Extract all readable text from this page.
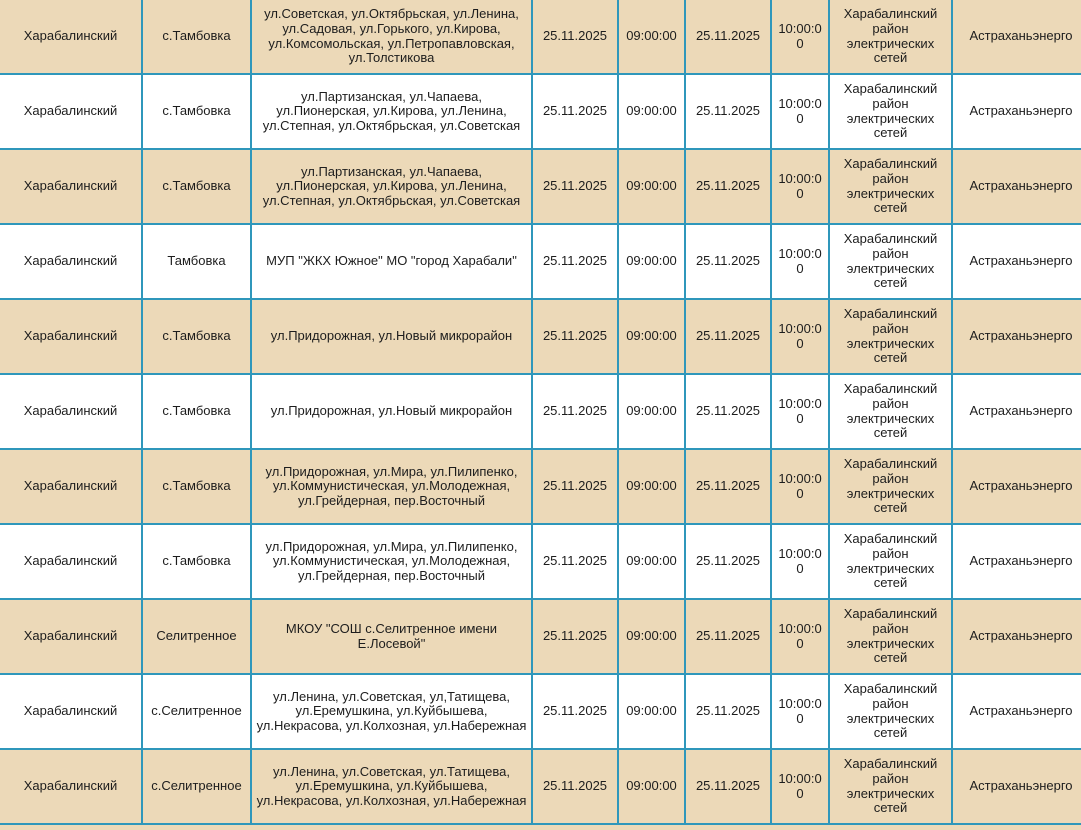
Харабалинский	с.Тамбовка	ул.Советская, ул.Октябрьская, ул.Ленина, ул.Садовая, ул.Горького, ул.Кирова, ул.Комсомольская, ул.Петропавловская, ул.Толстикова	25.11.2025	09:00:00	25.11.2025	10:00:00	Харабалинский район электрических сетей	Астраханьэнерго
Харабалинский	с.Тамбовка	ул.Партизанская, ул.Чапаева, ул.Пионерская, ул.Кирова, ул.Ленина, ул.Степная, ул.Октябрьская, ул.Советская	25.11.2025	09:00:00	25.11.2025	10:00:00	Харабалинский район электрических сетей	Астраханьэнерго
Харабалинский	с.Тамбовка	ул.Партизанская, ул.Чапаева, ул.Пионерская, ул.Кирова, ул.Ленина, ул.Степная, ул.Октябрьская, ул.Советская	25.11.2025	09:00:00	25.11.2025	10:00:00	Харабалинский район электрических сетей	Астраханьэнерго
Харабалинский	Тамбовка	МУП "ЖКХ Южное" МО "город Харабали"	25.11.2025	09:00:00	25.11.2025	10:00:00	Харабалинский район электрических сетей	Астраханьэнерго
Харабалинский	с.Тамбовка	ул.Придорожная, ул.Новый микрорайон	25.11.2025	09:00:00	25.11.2025	10:00:00	Харабалинский район электрических сетей	Астраханьэнерго
Харабалинский	с.Тамбовка	ул.Придорожная, ул.Новый микрорайон	25.11.2025	09:00:00	25.11.2025	10:00:00	Харабалинский район электрических сетей	Астраханьэнерго
Харабалинский	с.Тамбовка	ул.Придорожная, ул.Мира, ул.Пилипенко, ул.Коммунистическая, ул.Молодежная, ул.Грейдерная, пер.Восточный	25.11.2025	09:00:00	25.11.2025	10:00:00	Харабалинский район электрических сетей	Астраханьэнерго
Харабалинский	с.Тамбовка	ул.Придорожная, ул.Мира, ул.Пилипенко, ул.Коммунистическая, ул.Молодежная, ул.Грейдерная, пер.Восточный	25.11.2025	09:00:00	25.11.2025	10:00:00	Харабалинский район электрических сетей	Астраханьэнерго
Харабалинский	Селитренное	МКОУ "СОШ с.Селитренное имени Е.Лосевой"	25.11.2025	09:00:00	25.11.2025	10:00:00	Харабалинский район электрических сетей	Астраханьэнерго
Харабалинский	с.Селитренное	ул.Ленина, ул.Советская, ул,Татищева, ул.Еремушкина, ул.Куйбышева, ул.Некрасова, ул.Колхозная, ул.Набережная	25.11.2025	09:00:00	25.11.2025	10:00:00	Харабалинский район электрических сетей	Астраханьэнерго
Харабалинский	с.Селитренное	ул.Ленина, ул.Советская, ул.Татищева, ул.Еремушкина, ул.Куйбышева, ул.Некрасова, ул.Колхозная, ул.Набережная	25.11.2025	09:00:00	25.11.2025	10:00:00	Харабалинский район электрических сетей	Астраханьэнерго
